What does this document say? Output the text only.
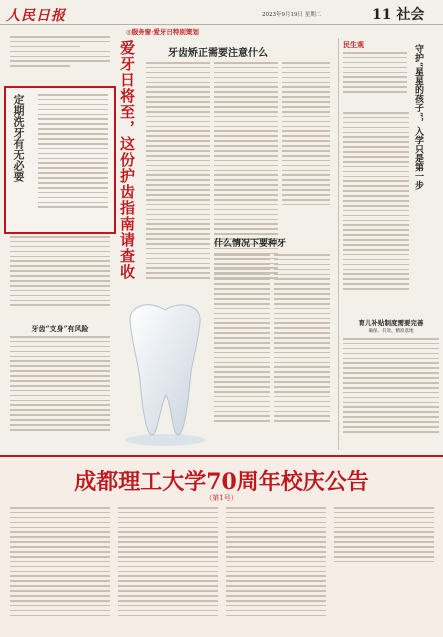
人民日报	2023年9月19日 星期二	11 社会
◎服务窗·爱牙日特别策划
定期洗牙有无必要
牙齿“支身”有风险
爱牙日将至，这份护齿指南请查收	牙齿矫正需要注意什么
什么情况下要种牙
民生观	守护“星星的孩子”，入学只是第一步
育儿补贴制度需要完善
确保、有效、精准落地
成都理工大学70周年校庆公告
（第1号）
